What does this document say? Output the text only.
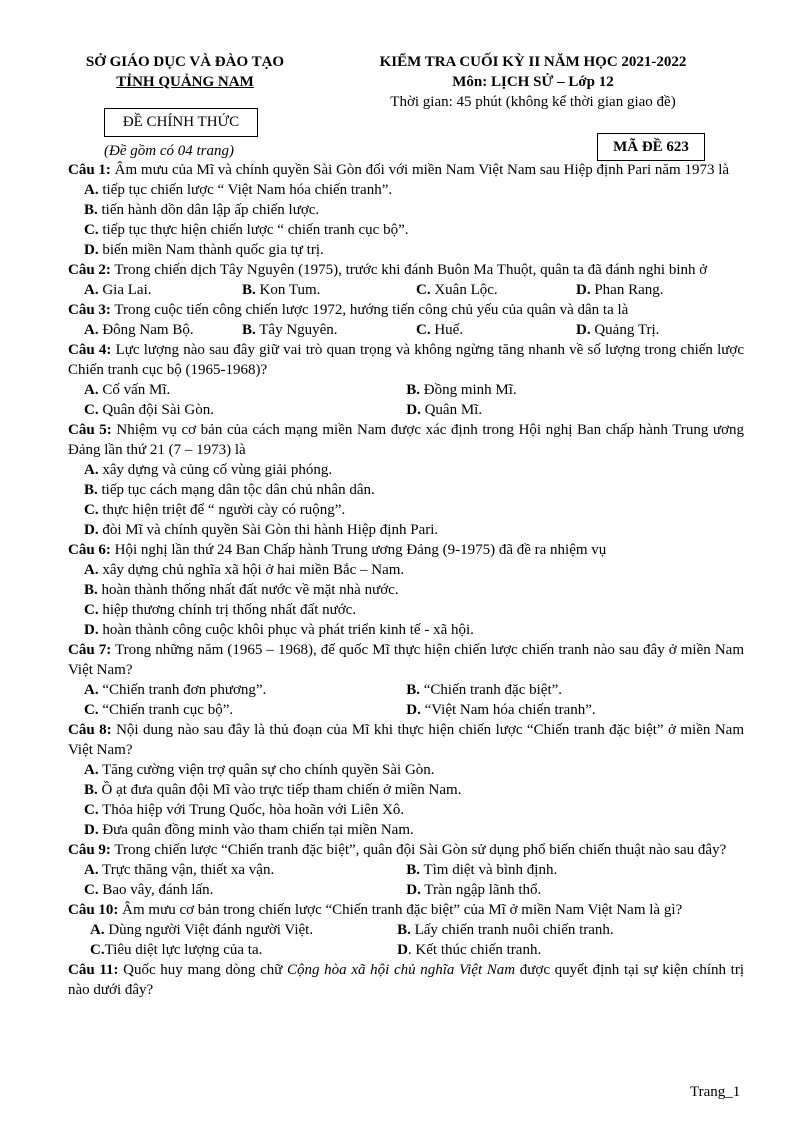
SỞ GIÁO DỤC VÀ ĐÀO TẠO
TỈNH QUẢNG NAM
KIỂM TRA CUỐI KỲ II NĂM HỌC 2021-2022
Môn: LỊCH SỬ – Lớp 12
Thời gian: 45 phút (không kể thời gian giao đề)
ĐỀ CHÍNH THỨC
(Đề gồm có 04 trang)	MÃ ĐỀ 623
Câu 1: Âm mưu của Mĩ và chính quyền Sài Gòn đối với miền Nam Việt Nam sau Hiệp định Pari năm 1973 là
A. tiếp tục chiến lược “ Việt Nam hóa chiến tranh”.
B. tiến hành dồn dân lập ấp chiến lược.
C. tiếp tục thực hiện chiến lược “ chiến tranh cục bộ”.
D. biến miền Nam thành quốc gia tự trị.
Câu 2: Trong chiến dịch Tây Nguyên (1975), trước khi đánh Buôn Ma Thuột, quân ta đã đánh nghi binh ở
A. Gia Lai.	B. Kon Tum.	C. Xuân Lộc.	D. Phan Rang.
Câu 3: Trong cuộc tiến công chiến lược 1972, hướng tiến công chủ yếu của quân và dân ta là
A. Đông Nam Bộ.	B. Tây Nguyên.	C. Huế.	D. Quảng Trị.
Câu 4: Lực lượng nào sau đây giữ vai trò quan trọng và không ngừng tăng nhanh về số lượng trong chiến lược Chiến tranh cục bộ (1965-1968)?
A. Cố vấn Mĩ.	B. Đồng minh Mĩ.
C. Quân đội Sài Gòn.	D. Quân Mĩ.
Câu 5: Nhiệm vụ cơ bản của cách mạng miền Nam được xác định trong Hội nghị Ban chấp hành Trung ương Đảng lần thứ 21 (7 – 1973) là
A. xây dựng và củng cố vùng giải phóng.
B. tiếp tục cách mạng dân tộc dân chủ nhân dân.
C. thực hiện triệt để “ người cày có ruộng”.
D. đòi Mĩ và chính quyền Sài Gòn thi hành Hiệp định Pari.
Câu 6: Hội nghị lần thứ 24 Ban Chấp hành Trung ương Đảng (9-1975) đã đề ra nhiệm vụ
A. xây dựng chủ nghĩa xã hội ở hai miền Bắc – Nam.
B. hoàn thành thống nhất đất nước về mặt nhà nước.
C. hiệp thương chính trị thống nhất đất nước.
D. hoàn thành công cuộc khôi phục và phát triển kinh tế - xã hội.
Câu 7: Trong những năm (1965 – 1968), đế quốc Mĩ thực hiện chiến lược chiến tranh nào sau đây ở miền Nam Việt Nam?
A. “Chiến tranh đơn phương”.	B. “Chiến tranh đặc biệt”.
C. “Chiến tranh cục bộ”.	D. “Việt Nam hóa chiến tranh”.
Câu 8: Nội dung nào sau đây là thủ đoạn của Mĩ khi thực hiện chiến lược “Chiến tranh đặc biệt” ở miền Nam Việt Nam?
A. Tăng cường viện trợ quân sự cho chính quyền Sài Gòn.
B. Ồ ạt đưa quân đội Mĩ vào trực tiếp tham chiến ở miền Nam.
C. Thỏa hiệp với Trung Quốc, hòa hoãn với Liên Xô.
D. Đưa quân đồng minh vào tham chiến tại miền Nam.
Câu 9: Trong chiến lược “Chiến tranh đặc biệt”, quân đội Sài Gòn sử dụng phổ biến chiến thuật nào sau đây?
A. Trực thăng vận, thiết xa vận.	B. Tìm diệt và bình định.
C. Bao vây, đánh lấn.	D. Tràn ngập lãnh thổ.
Câu 10: Âm mưu cơ bản trong chiến lược “Chiến tranh đặc biệt” của Mĩ ở miền Nam Việt Nam là gì?
A. Dùng người Việt đánh người Việt.	B. Lấy chiến tranh nuôi chiến tranh.
C.Tiêu diệt lực lượng của ta.	D. Kết thúc chiến tranh.
Câu 11: Quốc huy mang dòng chữ Cộng hòa xã hội chủ nghĩa Việt Nam được quyết định tại sự kiện chính trị nào dưới đây?
Trang_1
